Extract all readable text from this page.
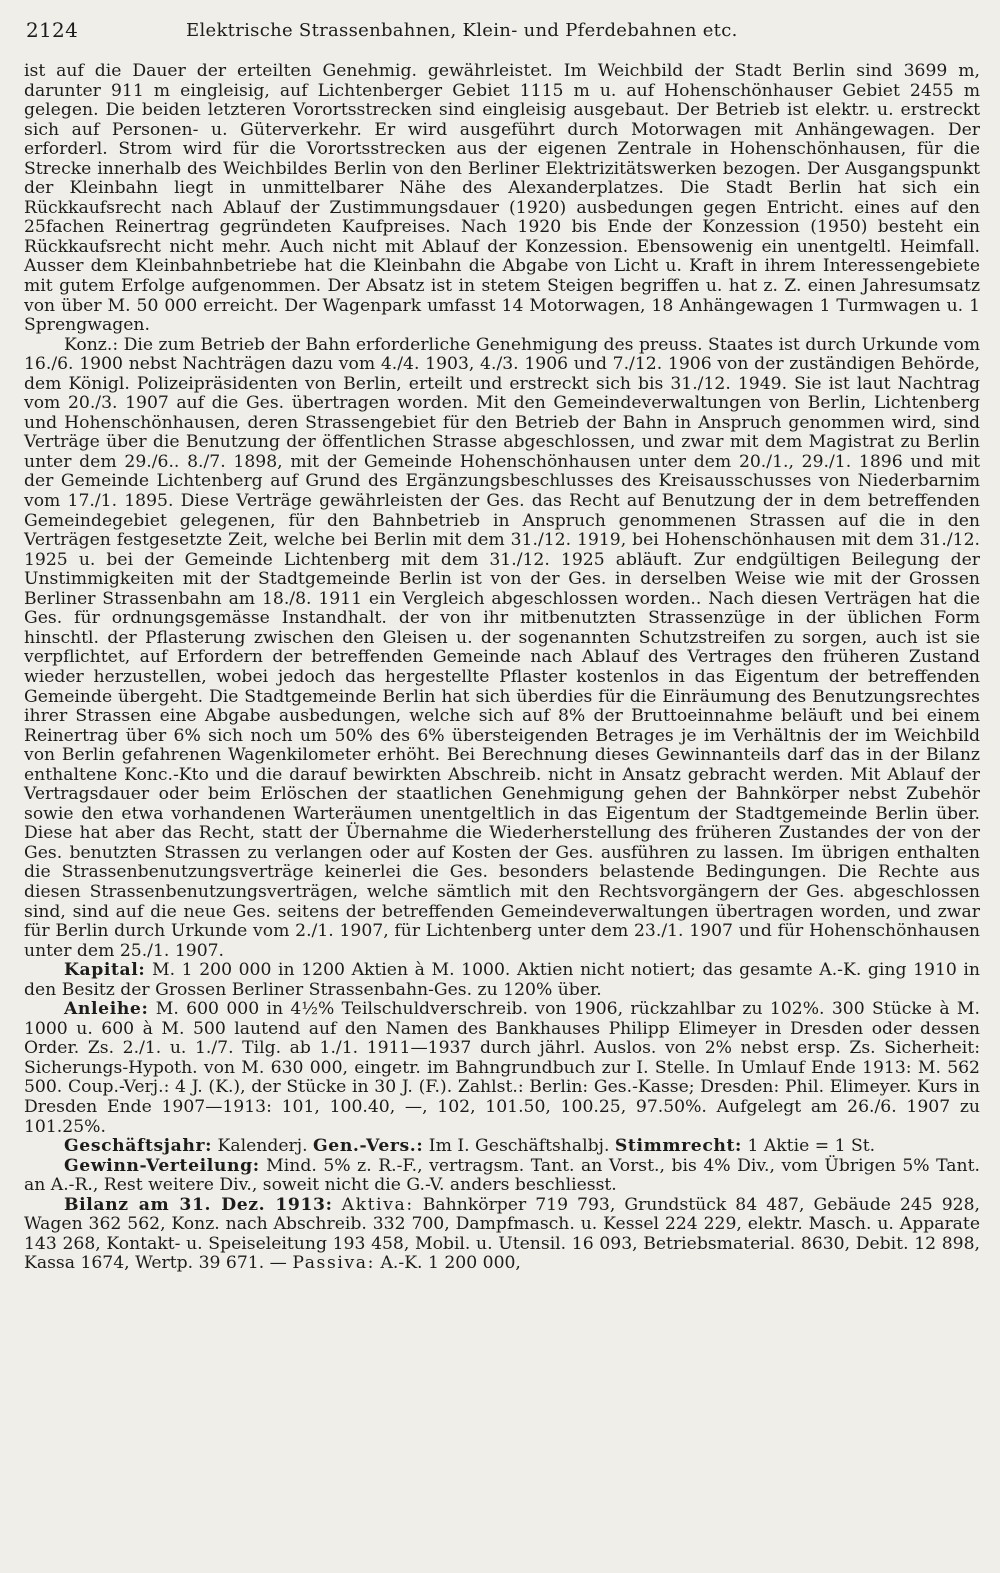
2124	Elektrische Strassenbahnen, Klein- und Pferdebahnen etc.

ist auf die Dauer der erteilten Genehmig. gewährleistet. Im Weichbild der Stadt Berlin sind 3699 m, darunter 911 m eingleisig, auf Lichtenberger Gebiet 1115 m u. auf Hohenschönhauser Gebiet 2455 m gelegen. Die beiden letzteren Vorortsstrecken sind eingleisig ausgebaut. Der Betrieb ist elektr. u. erstreckt sich auf Personen- u. Güterverkehr. Er wird ausgeführt durch Motorwagen mit Anhängewagen. Der erforderl. Strom wird für die Vorortsstrecken aus der eigenen Zentrale in Hohenschönhausen, für die Strecke innerhalb des Weichbildes Berlin von den Berliner Elektrizitätswerken bezogen. Der Ausgangspunkt der Kleinbahn liegt in unmittelbarer Nähe des Alexanderplatzes. Die Stadt Berlin hat sich ein Rückkaufsrecht nach Ablauf der Zustimmungsdauer (1920) ausbedungen gegen Entricht. eines auf den 25fachen Reinertrag gegründeten Kaufpreises. Nach 1920 bis Ende der Konzession (1950) besteht ein Rückkaufsrecht nicht mehr. Auch nicht mit Ablauf der Konzession. Ebensowenig ein unentgeltl. Heimfall. Ausser dem Kleinbahnbetriebe hat die Kleinbahn die Abgabe von Licht u. Kraft in ihrem Interessengebiete mit gutem Erfolge aufgenommen. Der Absatz ist in stetem Steigen begriffen u. hat z. Z. einen Jahresumsatz von über M. 50 000 erreicht. Der Wagenpark umfasst 14 Motorwagen, 18 Anhängewagen 1 Turmwagen u. 1 Sprengwagen.

Konz.: Die zum Betrieb der Bahn erforderliche Genehmigung des preuss. Staates ist durch Urkunde vom 16./6. 1900 nebst Nachträgen dazu vom 4./4. 1903, 4./3. 1906 und 7./12. 1906 von der zuständigen Behörde, dem Königl. Polizeipräsidenten von Berlin, erteilt und erstreckt sich bis 31./12. 1949. Sie ist laut Nachtrag vom 20./3. 1907 auf die Ges. übertragen worden. Mit den Gemeindeverwaltungen von Berlin, Lichtenberg und Hohenschönhausen, deren Strassengebiet für den Betrieb der Bahn in Anspruch genommen wird, sind Verträge über die Benutzung der öffentlichen Strasse abgeschlossen, und zwar mit dem Magistrat zu Berlin unter dem 29./6.. 8./7. 1898, mit der Gemeinde Hohenschönhausen unter dem 20./1., 29./1. 1896 und mit der Gemeinde Lichtenberg auf Grund des Ergänzungsbeschlusses des Kreisausschusses von Niederbarnim vom 17./1. 1895. Diese Verträge gewährleisten der Ges. das Recht auf Benutzung der in dem betreffenden Gemeindegebiet gelegenen, für den Bahnbetrieb in Anspruch genommenen Strassen auf die in den Verträgen festgesetzte Zeit, welche bei Berlin mit dem 31./12. 1919, bei Hohenschönhausen mit dem 31./12. 1925 u. bei der Gemeinde Lichtenberg mit dem 31./12. 1925 abläuft. Zur endgültigen Beilegung der Unstimmigkeiten mit der Stadtgemeinde Berlin ist von der Ges. in derselben Weise wie mit der Grossen Berliner Strassenbahn am 18./8. 1911 ein Vergleich abgeschlossen worden.. Nach diesen Verträgen hat die Ges. für ordnungsgemässe Instandhalt. der von ihr mitbenutzten Strassenzüge in der üblichen Form hinschtl. der Pflasterung zwischen den Gleisen u. der sogenannten Schutzstreifen zu sorgen, auch ist sie verpflichtet, auf Erfordern der betreffenden Gemeinde nach Ablauf des Vertrages den früheren Zustand wieder herzustellen, wobei jedoch das hergestellte Pflaster kostenlos in das Eigentum der betreffenden Gemeinde übergeht. Die Stadtgemeinde Berlin hat sich überdies für die Einräumung des Benutzungsrechtes ihrer Strassen eine Abgabe ausbedungen, welche sich auf 8% der Bruttoeinnahme beläuft und bei einem Reinertrag über 6% sich noch um 50% des 6% übersteigenden Betrages je im Verhältnis der im Weichbild von Berlin gefahrenen Wagenkilometer erhöht. Bei Berechnung dieses Gewinnanteils darf das in der Bilanz enthaltene Konc.-Kto und die darauf bewirkten Abschreib. nicht in Ansatz gebracht werden. Mit Ablauf der Vertragsdauer oder beim Erlöschen der staatlichen Genehmigung gehen der Bahnkörper nebst Zubehör sowie den etwa vorhandenen Warteräumen unentgeltlich in das Eigentum der Stadtgemeinde Berlin über. Diese hat aber das Recht, statt der Übernahme die Wiederherstellung des früheren Zustandes der von der Ges. benutzten Strassen zu verlangen oder auf Kosten der Ges. ausführen zu lassen. Im übrigen enthalten die Strassenbenutzungsverträge keinerlei die Ges. besonders belastende Bedingungen. Die Rechte aus diesen Strassenbenutzungsverträgen, welche sämtlich mit den Rechtsvorgängern der Ges. abgeschlossen sind, sind auf die neue Ges. seitens der betreffenden Gemeindeverwaltungen übertragen worden, und zwar für Berlin durch Urkunde vom 2./1. 1907, für Lichtenberg unter dem 23./1. 1907 und für Hohenschönhausen unter dem 25./1. 1907.

Kapital: M. 1 200 000 in 1200 Aktien à M. 1000. Aktien nicht notiert; das gesamte A.-K. ging 1910 in den Besitz der Grossen Berliner Strassenbahn-Ges. zu 120% über.

Anleihe: M. 600 000 in 4½% Teilschuldverschreib. von 1906, rückzahlbar zu 102%. 300 Stücke à M. 1000 u. 600 à M. 500 lautend auf den Namen des Bankhauses Philipp Elimeyer in Dresden oder dessen Order. Zs. 2./1. u. 1./7. Tilg. ab 1./1. 1911—1937 durch jährl. Auslos. von 2% nebst ersp. Zs. Sicherheit: Sicherungs-Hypoth. von M. 630 000, eingetr. im Bahngrundbuch zur I. Stelle. In Umlauf Ende 1913: M. 562 500. Coup.-Verj.: 4 J. (K.), der Stücke in 30 J. (F.). Zahlst.: Berlin: Ges.-Kasse; Dresden: Phil. Elimeyer. Kurs in Dresden Ende 1907—1913: 101, 100.40, —, 102, 101.50, 100.25, 97.50%. Aufgelegt am 26./6. 1907 zu 101.25%.

Geschäftsjahr: Kalenderj. Gen.-Vers.: Im I. Geschäftshalbj. Stimmrecht: 1 Aktie = 1 St.

Gewinn-Verteilung: Mind. 5% z. R.-F., vertragsm. Tant. an Vorst., bis 4% Div., vom Übrigen 5% Tant. an A.-R., Rest weitere Div., soweit nicht die G.-V. anders beschliesst.

Bilanz am 31. Dez. 1913: Aktiva: Bahnkörper 719 793, Grundstück 84 487, Gebäude 245 928, Wagen 362 562, Konz. nach Abschreib. 332 700, Dampfmasch. u. Kessel 224 229, elektr. Masch. u. Apparate 143 268, Kontakt- u. Speiseleitung 193 458, Mobil. u. Utensil. 16 093, Betriebsmaterial. 8630, Debit. 12 898, Kassa 1674, Wertp. 39 671. — Passiva: A.-K. 1 200 000,
